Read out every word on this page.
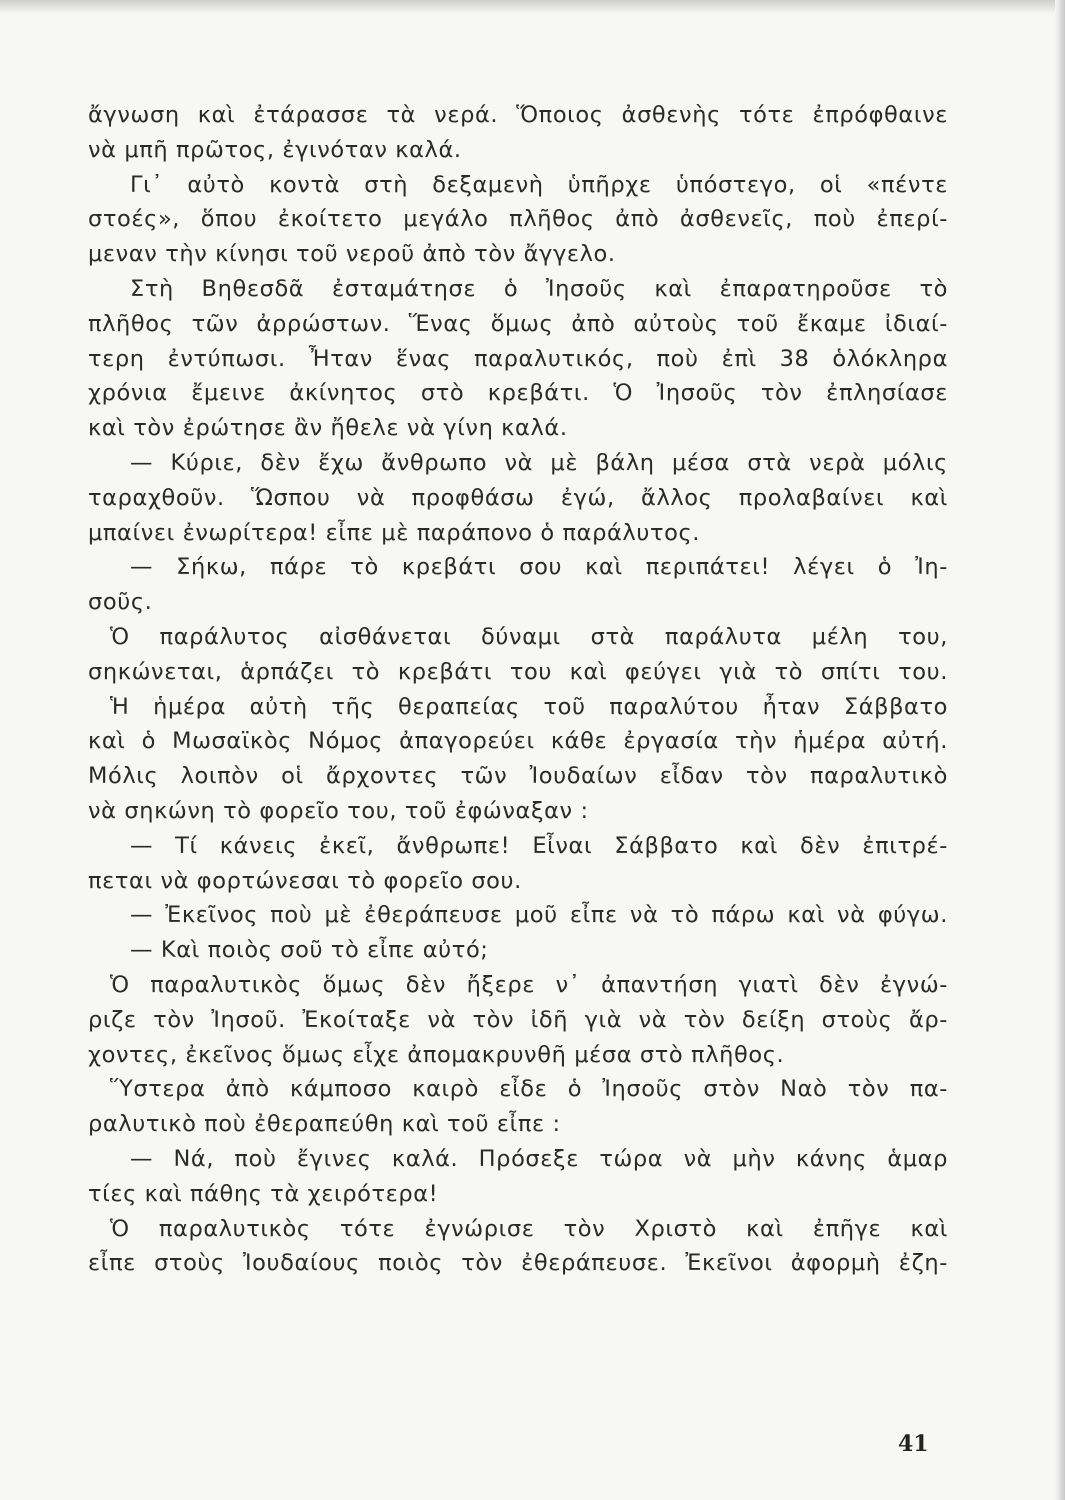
ἄγνωση καὶ ἐτάρασσε τὰ νερά. Ὅποιος ἀσθενὴς τότε ἐπρόφθαινε
νὰ μπῆ πρῶτος, ἐγινόταν καλά.
Γι᾿ αὐτὸ κοντὰ στὴ δεξαμενὴ ὑπῆρχε ὑπόστεγο, οἱ «πέντε
στοές», ὅπου ἐκοίτετο μεγάλο πλῆθος ἀπὸ ἀσθενεῖς, ποὺ ἐπερί-
μεναν τὴν κίνησι τοῦ νεροῦ ἀπὸ τὸν ἄγγελο.
Στὴ Βηθεσδᾶ ἐσταμάτησε ὁ Ἰησοῦς καὶ ἐπαρατηροῦσε τὸ
πλῆθος τῶν ἀρρώστων. Ἕνας ὅμως ἀπὸ αὐτοὺς τοῦ ἔκαμε ἰδιαί-
τερη ἐντύπωσι. Ἦταν ἕνας παραλυτικός, ποὺ ἐπὶ 38 ὁλόκληρα
χρόνια ἔμεινε ἀκίνητος στὸ κρεβάτι. Ὁ Ἰησοῦς τὸν ἐπλησίασε
καὶ τὸν ἐρώτησε ἂν ἤθελε νὰ γίνη καλά.
— Κύριε, δὲν ἔχω ἄνθρωπο νὰ μὲ βάλη μέσα στὰ νερὰ μόλις
ταραχθοῦν. Ὥσπου νὰ προφθάσω ἐγώ, ἄλλος προλαβαίνει καὶ
μπαίνει ἐνωρίτερα! εἶπε μὲ παράπονο ὁ παράλυτος.
— Σήκω, πάρε τὸ κρεβάτι σου καὶ περιπάτει! λέγει ὁ Ἰη-
σοῦς.
Ὁ παράλυτος αἰσθάνεται δύναμι στὰ παράλυτα μέλη του,
σηκώνεται, ἁρπάζει τὸ κρεβάτι του καὶ φεύγει γιὰ τὸ σπίτι του.
Ἡ ἡμέρα αὐτὴ τῆς θεραπείας τοῦ παραλύτου ἦταν Σάββατο
καὶ ὁ Μωσαϊκὸς Νόμος ἀπαγορεύει κάθε ἐργασία τὴν ἡμέρα αὐτή.
Μόλις λοιπὸν οἱ ἄρχοντες τῶν Ἰουδαίων εἶδαν τὸν παραλυτικὸ
νὰ σηκώνη τὸ φορεῖο του, τοῦ ἐφώναξαν :
— Τί κάνεις ἐκεῖ, ἄνθρωπε! Εἶναι Σάββατο καὶ δὲν ἐπιτρέ-
πεται νὰ φορτώνεσαι τὸ φορεῖο σου.
— Ἐκεῖνος ποὺ μὲ ἐθεράπευσε μοῦ εἶπε νὰ τὸ πάρω καὶ νὰ φύγω.
— Καὶ ποιὸς σοῦ τὸ εἶπε αὐτό;
Ὁ παραλυτικὸς ὅμως δὲν ἤξερε ν᾿ ἀπαντήση γιατὶ δὲν ἐγνώ-
ριζε τὸν Ἰησοῦ. Ἐκοίταξε νὰ τὸν ἰδῆ γιὰ νὰ τὸν δείξη στοὺς ἄρ-
χοντες, ἐκεῖνος ὅμως εἶχε ἀπομακρυνθῆ μέσα στὸ πλῆθος.
Ὕστερα ἀπὸ κάμποσο καιρὸ εἶδε ὁ Ἰησοῦς στὸν Ναὸ τὸν πα-
ραλυτικὸ ποὺ ἐθεραπεύθη καὶ τοῦ εἶπε :
— Νά, ποὺ ἔγινες καλά. Πρόσεξε τώρα νὰ μὴν κάνης ἁμαρ
τίες καὶ πάθης τὰ χειρότερα!
Ὁ παραλυτικὸς τότε ἐγνώρισε τὸν Χριστὸ καὶ ἐπῆγε καὶ
εἶπε στοὺς Ἰουδαίους ποιὸς τὸν ἐθεράπευσε. Ἐκεῖνοι ἀφορμὴ ἐζη-
41
